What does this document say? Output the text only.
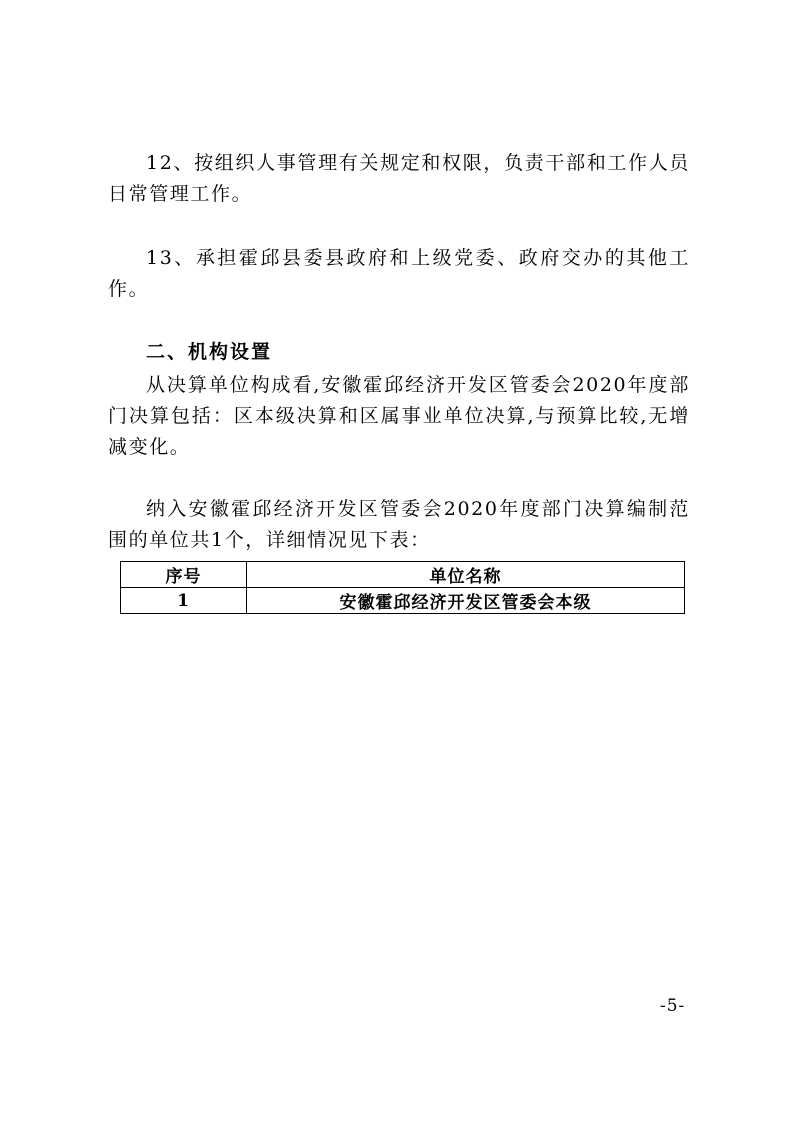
12、按组织人事管理有关规定和权限，负责干部和工作人员日常管理工作。

13、承担霍邱县委县政府和上级党委、政府交办的其他工作。

二、机构设置

从决算单位构成看,安徽霍邱经济开发区管委会2020年度部门决算包括：区本级决算和区属事业单位决算,与预算比较,无增减变化。

纳入安徽霍邱经济开发区管委会2020年度部门决算编制范围的单位共1个，详细情况见下表：

序号	单位名称
1	安徽霍邱经济开发区管委会本级
-5-
